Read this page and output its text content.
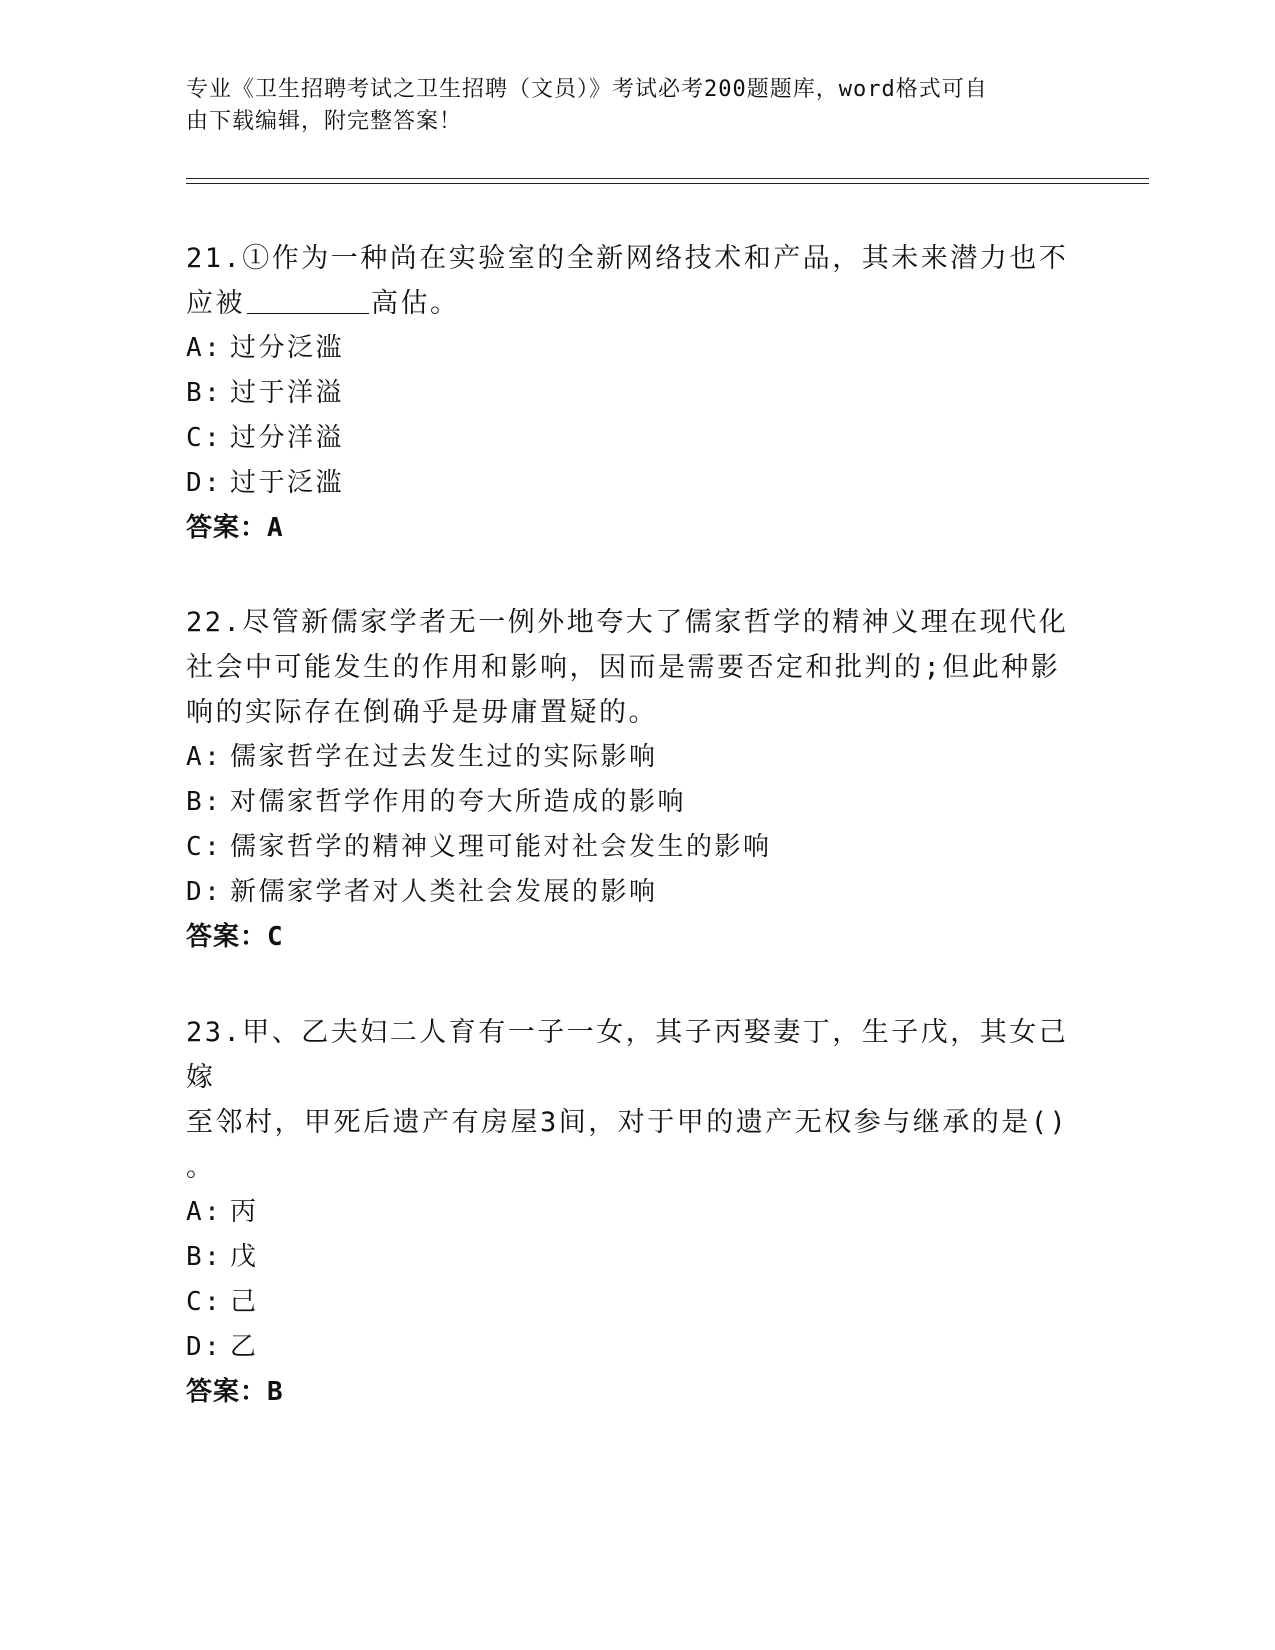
专业《卫生招聘考试之卫生招聘（文员）》考试必考200题题库，word格式可自
由下载编辑，附完整答案！
21.①作为一种尚在实验室的全新网络技术和产品，其未来潜力也不应被	高估。
A: 过分泛滥
B: 过于洋溢
C: 过分洋溢
D: 过于泛滥
答案：A
22.尽管新儒家学者无一例外地夸大了儒家哲学的精神义理在现代化社会中可能发生的作用和影响，因而是需要否定和批判的;但此种影响的实际存在倒确乎是毋庸置疑的。
A: 儒家哲学在过去发生过的实际影响
B: 对儒家哲学作用的夸大所造成的影响
C: 儒家哲学的精神义理可能对社会发生的影响
D: 新儒家学者对人类社会发展的影响
答案：C
23.甲、乙夫妇二人育有一子一女，其子丙娶妻丁，生子戊，其女己嫁
至邻村，甲死后遗产有房屋3间，对于甲的遗产无权参与继承的是()
。
A: 丙
B: 戊
C: 己
D: 乙
答案：B
